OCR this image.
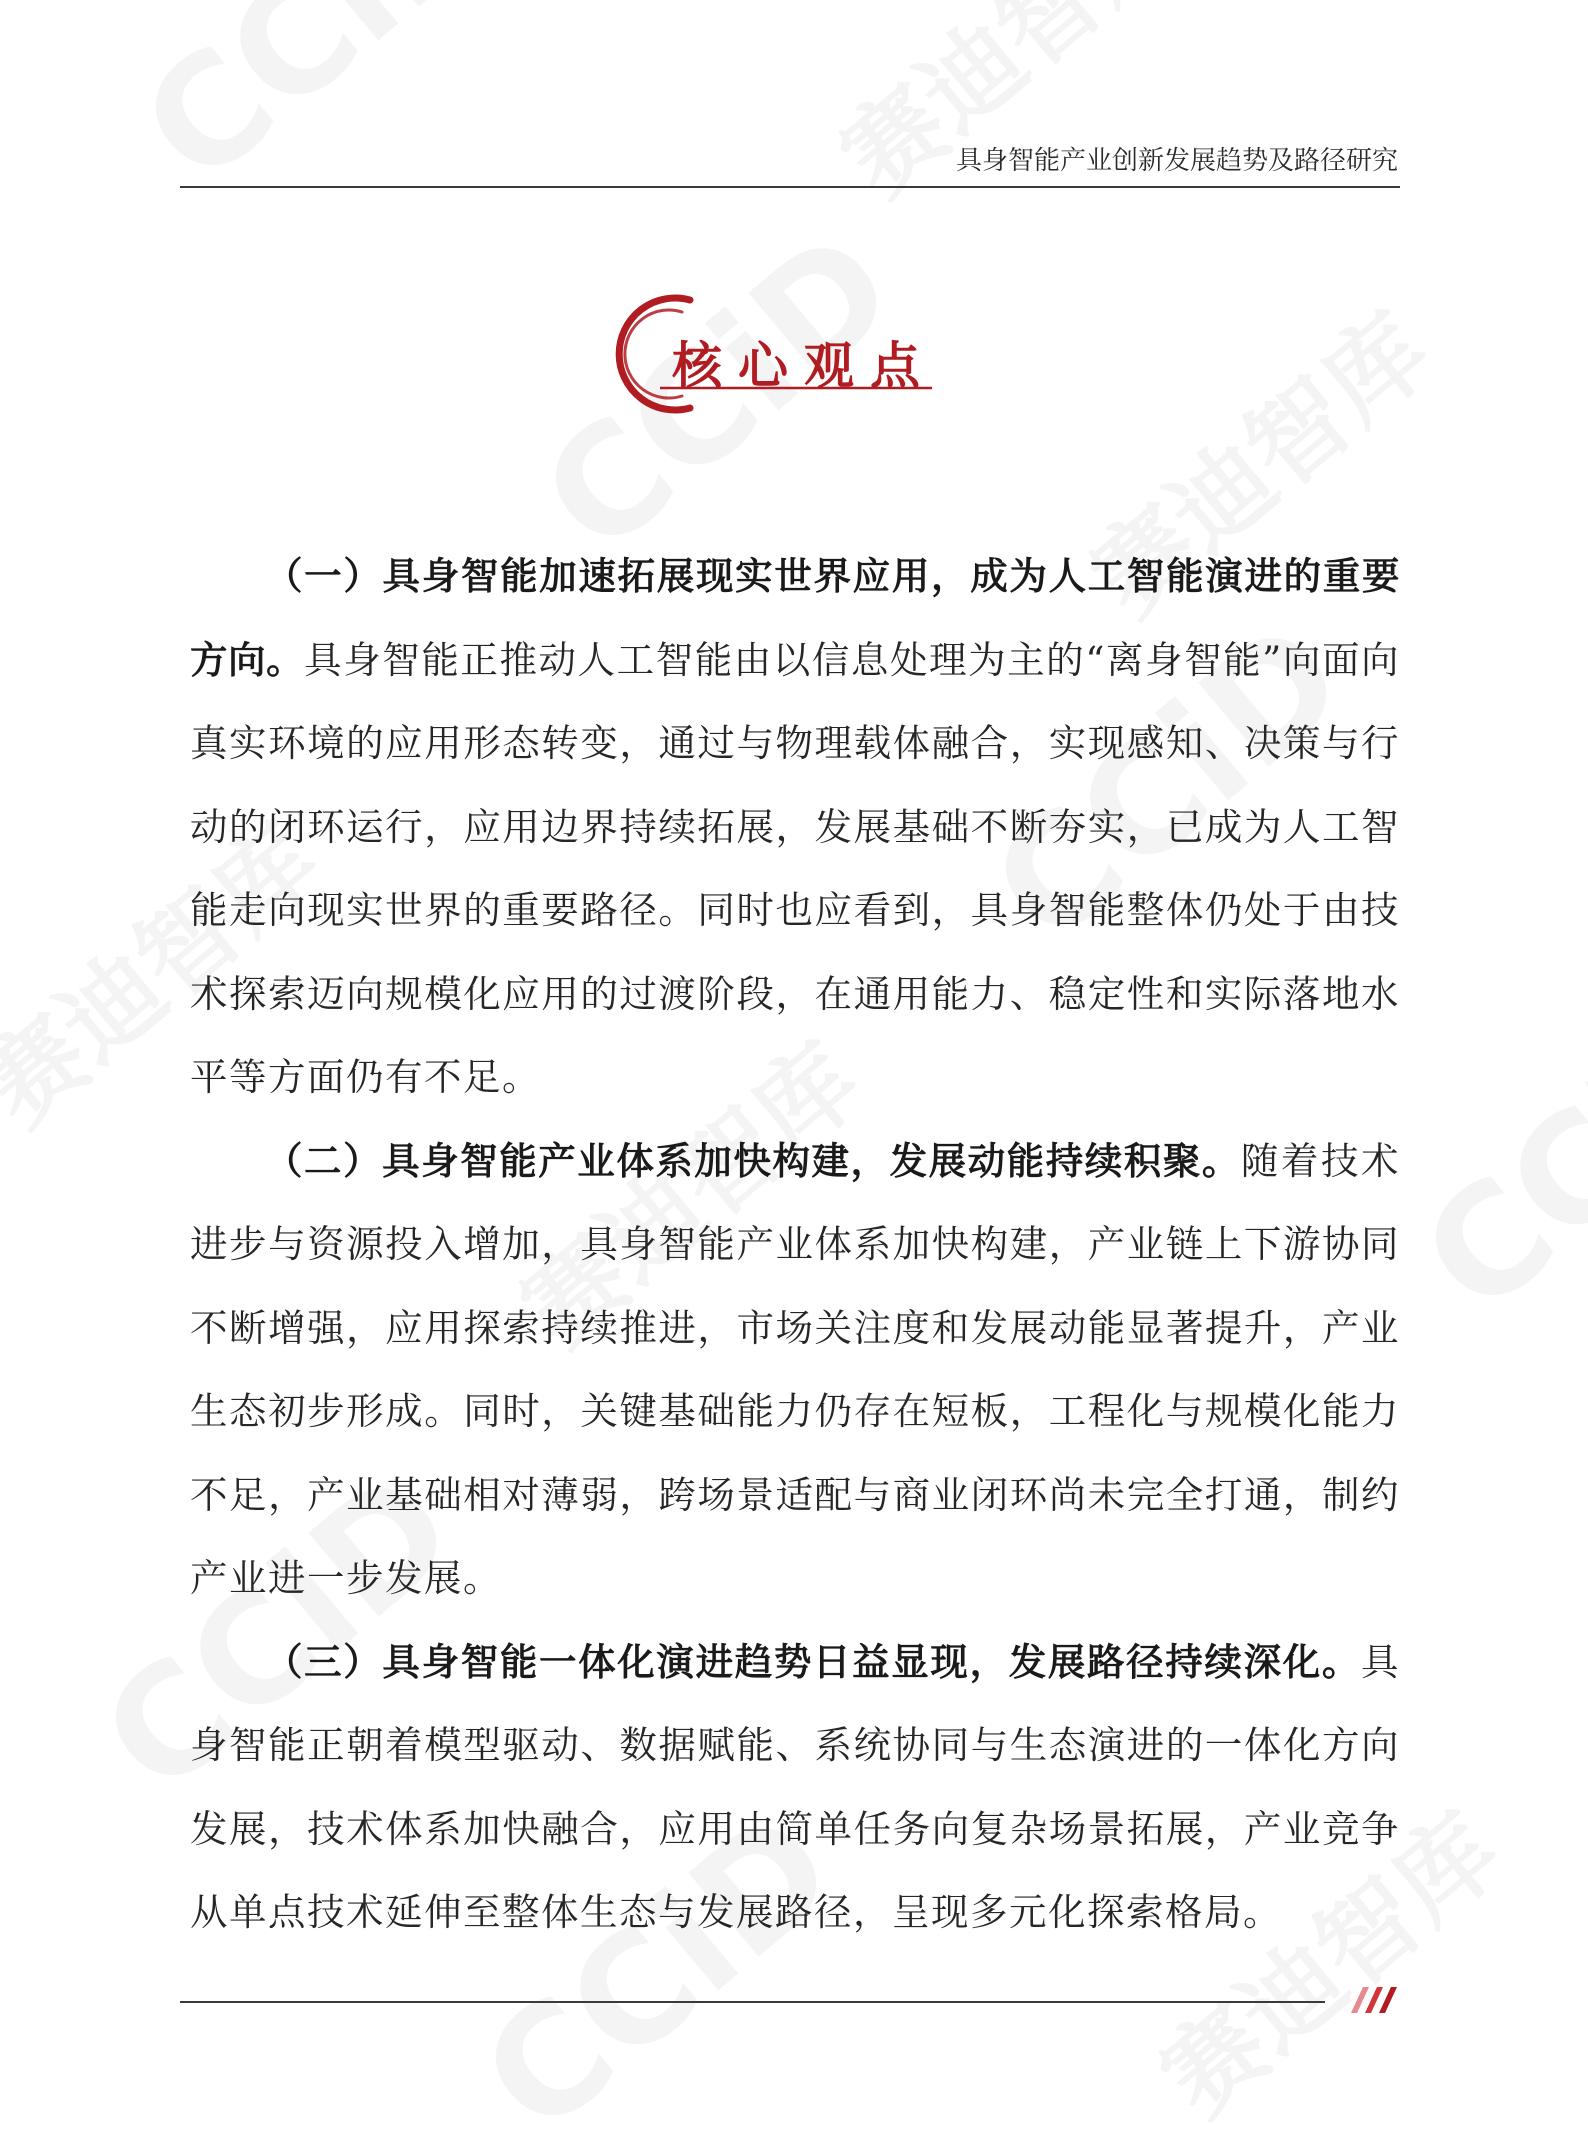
具身智能产业创新发展趋势及路径研究
核心观点

（一）具身智能加速拓展现实世界应用，成为人工智能演进的重要方向。具身智能正推动人工智能由以信息处理为主的“离身智能”向面向真实环境的应用形态转变，通过与物理载体融合，实现感知、决策与行动的闭环运行，应用边界持续拓展，发展基础不断夯实，已成为人工智能走向现实世界的重要路径。同时也应看到，具身智能整体仍处于由技术探索迈向规模化应用的过渡阶段，在通用能力、稳定性和实际落地水平等方面仍有不足。

（二）具身智能产业体系加快构建，发展动能持续积聚。随着技术进步与资源投入增加，具身智能产业体系加快构建，产业链上下游协同不断增强，应用探索持续推进，市场关注度和发展动能显著提升，产业生态初步形成。同时，关键基础能力仍存在短板，工程化与规模化能力不足，产业基础相对薄弱，跨场景适配与商业闭环尚未完全打通，制约产业进一步发展。

（三）具身智能一体化演进趋势日益显现，发展路径持续深化。具身智能正朝着模型驱动、数据赋能、系统协同与生态演进的一体化方向发展，技术体系加快融合，应用由简单任务向复杂场景拓展，产业竞争从单点技术延伸至整体生态与发展路径，呈现多元化探索格局。
